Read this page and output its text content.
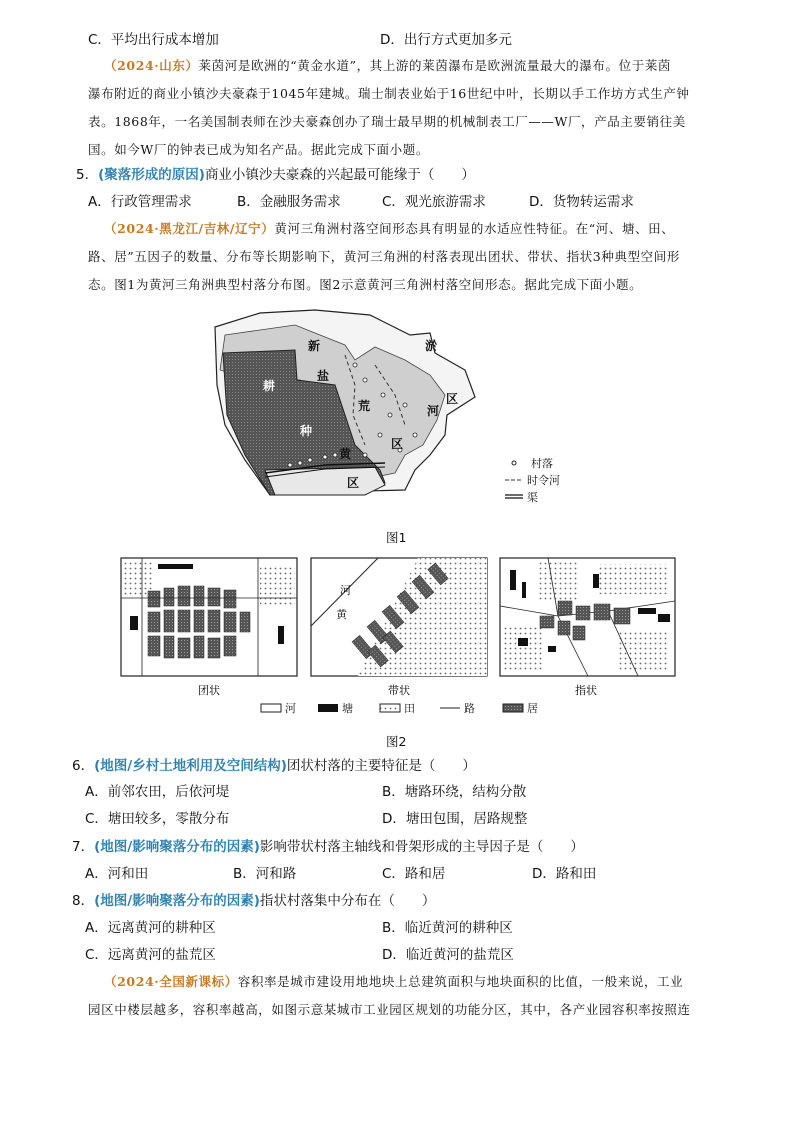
C．平均出行成本增加	D．出行方式更加多元
（2024·山东）莱茵河是欧洲的“黄金水道”，其上游的莱茵瀑布是欧洲流量最大的瀑布。位于莱茵
瀑布附近的商业小镇沙夫豪森于1045年建城。瑞士制表业始于16世纪中叶，长期以手工作坊方式生产钟
表。1868年，一名美国制表师在沙夫豪森创办了瑞士最早期的机械制表工厂——W厂，产品主要销往美
国。如今W厂的钟表已成为知名产品。据此完成下面小题。
5．(聚落形成的原因)商业小镇沙夫豪森的兴起最可能缘于（　　）
A．行政管理需求	B．金融服务需求	C．观光旅游需求	D．货物转运需求
（2024·黑龙江/吉林/辽宁）黄河三角洲村落空间形态具有明显的水适应性特征。在“河、塘、田、
路、居”五因子的数量、分布等长期影响下，黄河三角洲的村落表现出团状、带状、指状3种典型空间形
态。图1为黄河三角洲典型村落分布图。图2示意黄河三角洲村落空间形态。据此完成下面小题。
新	淤
盐
荒	河
区
区
黄
区
耕
种
村落
时令河
渠
图1
团状
河
黄
带状	指状
河	塘	田	路	居
图2
6．(地图/乡村土地利用及空间结构)团状村落的主要特征是（　　）
A．前邻农田，后依河堤	B．塘路环绕，结构分散
C．塘田较多，零散分布	D．塘田包围，居路规整
7．(地图/影响聚落分布的因素)影响带状村落主轴线和骨架形成的主导因子是（　　）
A．河和田	B．河和路	C．路和居	D．路和田
8．(地图/影响聚落分布的因素)指状村落集中分布在（　　）
A．远离黄河的耕种区	B．临近黄河的耕种区
C．远离黄河的盐荒区	D．临近黄河的盐荒区
（2024·全国新课标）容积率是城市建设用地地块上总建筑面积与地块面积的比值，一般来说，工业
园区中楼层越多，容积率越高，如图示意某城市工业园区规划的功能分区，其中，各产业园容积率按照连
